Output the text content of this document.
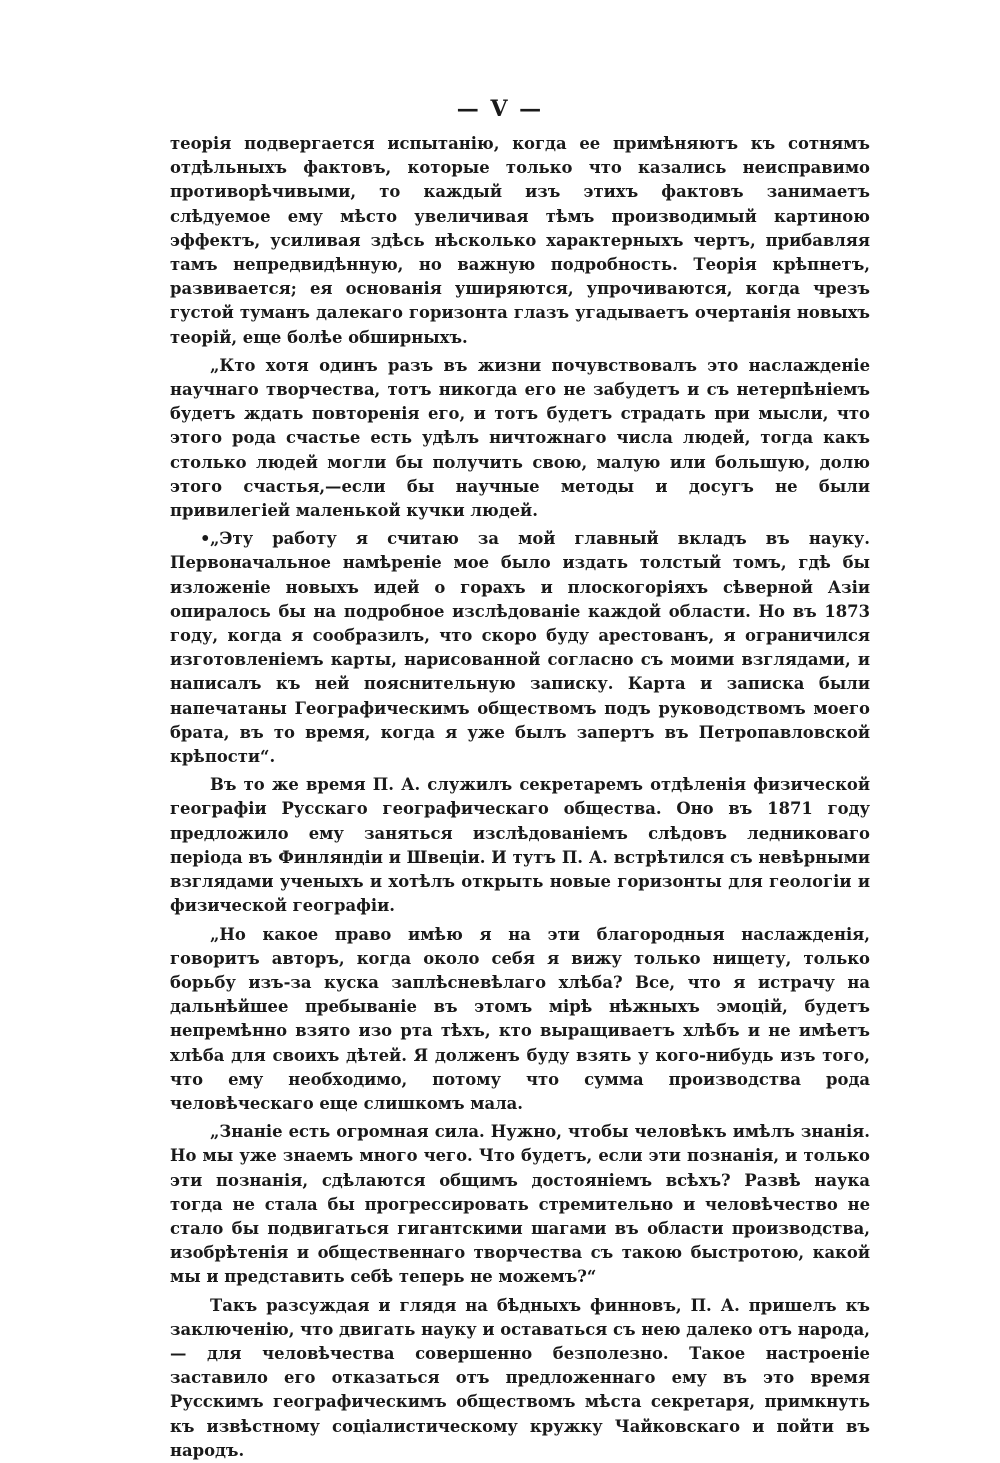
— V —

теорія подвергается испытанію, когда ее примѣняютъ къ сотнямъ отдѣльныхъ фактовъ, которые только что казались неисправимо противорѣчивыми, то каждый изъ этихъ фактовъ занимаетъ слѣдуемое ему мѣсто увеличивая тѣмъ производимый картиною эффектъ, усиливая здѣсь нѣсколько характерныхъ чертъ, прибавляя тамъ непредвидѣнную, но важную подробность. Теорія крѣпнетъ, развивается; ея основанія уширяются, упрочиваются, когда чрезъ густой туманъ далекаго горизонта глазъ угадываетъ очертанія новыхъ теорій, еще болѣе обширныхъ.

„Кто хотя одинъ разъ въ жизни почувствовалъ это наслажденіе научнаго творчества, тотъ никогда его не забудетъ и съ нетерпѣніемъ будетъ ждать повторенія его, и тотъ будетъ страдать при мысли, что этого рода счастье есть удѣлъ ничтожнаго числа людей, тогда какъ столько людей могли бы получить свою, малую или большую, долю этого счастья,—если бы научные методы и досугъ не были привилегіей маленькой кучки людей.

• „Эту работу я считаю за мой главный вкладъ въ науку. Первоначальное намѣреніе мое было издать толстый томъ, гдѣ бы изложеніе новыхъ идей о горахъ и плоскогоріяхъ сѣверной Азіи опиралось бы на подробное изслѣдованіе каждой области. Но въ 1873 году, когда я сообразилъ, что скоро буду арестованъ, я ограничился изготовленіемъ карты, нарисованной согласно съ моими взглядами, и написалъ къ ней пояснительную записку. Карта и записка были напечатаны Географическимъ обществомъ подъ руководствомъ моего брата, въ то время, когда я уже былъ запертъ въ Петропавловской крѣпости“.

Въ то же время П. А. служилъ секретаремъ отдѣленія физической географіи Русскаго географическаго общества. Оно въ 1871 году предложило ему заняться изслѣдованіемъ слѣдовъ ледниковаго періода въ Финляндіи и Швеціи. И тутъ П. А. встрѣтился съ невѣрными взглядами ученыхъ и хотѣлъ открыть новые горизонты для геологіи и физической географіи.

„Но какое право имѣю я на эти благородныя наслажденія, говоритъ авторъ, когда около себя я вижу только нищету, только борьбу изъ-за куска заплѣсневѣлаго хлѣба? Все, что я истрачу на дальнѣйшее пребываніе въ этомъ мірѣ нѣжныхъ эмоцій, будетъ непремѣнно взято изо рта тѣхъ, кто выращиваетъ хлѣбъ и не имѣетъ хлѣба для своихъ дѣтей. Я долженъ буду взять у кого-нибудь изъ того, что ему необходимо, потому что сумма производства рода человѣческаго еще слишкомъ мала.

„Знаніе есть огромная сила. Нужно, чтобы человѣкъ имѣлъ знанія. Но мы уже знаемъ много чего. Что будетъ, если эти познанія, и только эти познанія, сдѣлаются общимъ достояніемъ всѣхъ? Развѣ наука тогда не стала бы прогрессировать стремительно и человѣчество не стало бы подвигаться гигантскими шагами въ области производства, изобрѣтенія и общественнаго творчества съ такою быстротою, какой мы и представить себѣ теперь не можемъ?“

Такъ разсуждая и глядя на бѣдныхъ финновъ, П. А. пришелъ къ заключенію, что двигать науку и оставаться съ нею далеко отъ народа,— для человѣчества совершенно безполезно. Такое настроеніе заставило его отказаться отъ предложеннаго ему въ это время Русскимъ географическимъ обществомъ мѣста секретаря, примкнуть къ извѣстному соціалистическому кружку Чайковскаго и пойти въ народъ.
